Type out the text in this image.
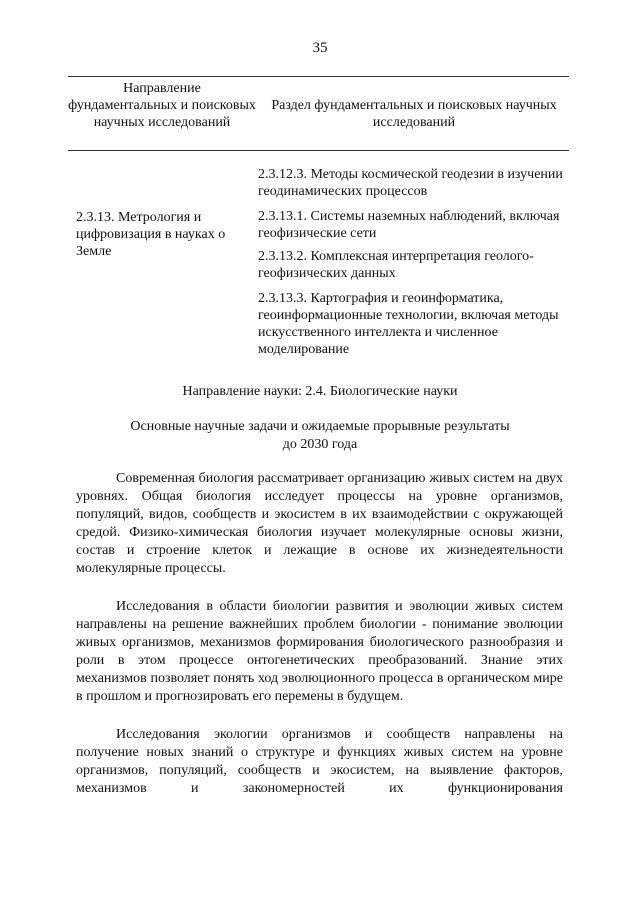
35
Направление фундаментальных и поисковых научных исследований
Раздел фундаментальных и поисковых научных исследований
2.3.13. Метрология и цифровизация в науках о Земле
2.3.12.3. Методы космической геодезии в изучении геодинамических процессов
2.3.13.1. Системы наземных наблюдений, включая геофизические сети
2.3.13.2. Комплексная интерпретация геолого-геофизических данных
2.3.13.3. Картография и геоинформатика, геоинформационные технологии, включая методы искусственного интеллекта и численное моделирование
Направление науки: 2.4. Биологические науки
Основные научные задачи и ожидаемые прорывные результаты
до 2030 года

Современная биология рассматривает организацию живых систем на двух уровнях. Общая биология исследует процессы на уровне организмов, популяций, видов, сообществ и экосистем в их взаимодействии с окружающей средой. Физико-химическая биология изучает молекулярные основы жизни, состав и строение клеток и лежащие в основе их жизнедеятельности молекулярные процессы.

Исследования в области биологии развития и эволюции живых систем направлены на решение важнейших проблем биологии - понимание эволюции живых организмов, механизмов формирования биологического разнообразия и роли в этом процессе онтогенетических преобразований. Знание этих механизмов позволяет понять ход эволюционного процесса в органическом мире в прошлом и прогнозировать его перемены в будущем.

Исследования экологии организмов и сообществ направлены на получение новых знаний о структуре и функциях живых систем на уровне организмов, популяций, сообществ и экосистем, на выявление факторов, механизмов и закономерностей их функционирования
